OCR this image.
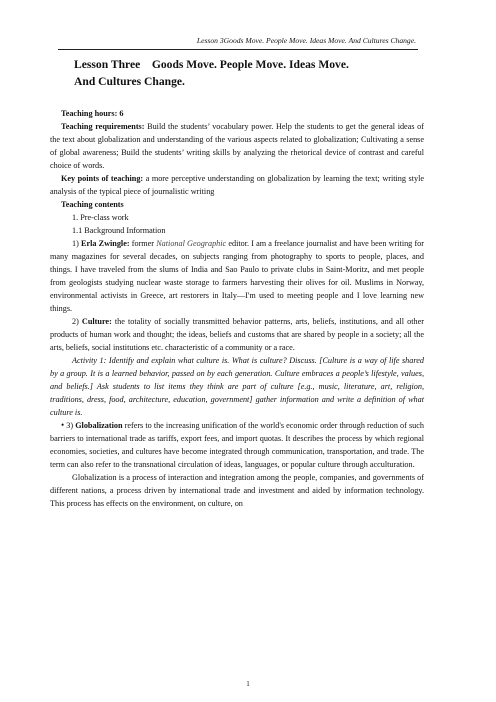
Lesson 3Goods Move. People Move. Ideas Move. And Cultures Change.
Lesson Three    Goods Move. People Move. Ideas Move.
And Cultures Change.

Teaching hours: 6

Teaching requirements: Build the students’ vocabulary power. Help the students to get the general ideas of the text about globalization and understanding of the various aspects related to globalization; Cultivating a sense of global awareness; Build the students’ writing skills by analyzing the rhetorical device of contrast and careful choice of words.

Key points of teaching: a more perceptive understanding on globalization by learning the text; writing style analysis of the typical piece of journalistic writing

Teaching contents

1. Pre-class work

1.1 Background Information

1) Erla Zwingle: former National Geographic editor. I am a freelance journalist and have been writing for many magazines for several decades, on subjects ranging from photography to sports to people, places, and things. I have traveled from the slums of India and Sao Paulo to private clubs in Saint-Moritz, and met people from geologists studying nuclear waste storage to farmers harvesting their olives for oil. Muslims in Norway, environmental activists in Greece, art restorers in Italy—I'm used to meeting people and I love learning new things.

2) Culture: the totality of socially transmitted behavior patterns, arts, beliefs, institutions, and all other products of human work and thought; the ideas, beliefs and customs that are shared by people in a society; all the arts, beliefs, social institutions etc. characteristic of a community or a race.

Activity 1: Identify and explain what culture is. What is culture? Discuss. [Culture is a way of life shared by a group. It is a learned behavior, passed on by each generation. Culture embraces a people’s lifestyle, values, and beliefs.] Ask students to list items they think are part of culture [e.g., music, literature, art, religion, traditions, dress, food, architecture, education, government] gather information and write a definition of what culture is.

• 3) Globalization refers to the increasing unification of the world's economic order through reduction of such barriers to international trade as tariffs, export fees, and import quotas. It describes the process by which regional economies, societies, and cultures have become integrated through communication, transportation, and trade. The term can also refer to the transnational circulation of ideas, languages, or popular culture through acculturation.

Globalization is a process of interaction and integration among the people, companies, and governments of different nations, a process driven by international trade and investment and aided by information technology. This process has effects on the environment, on culture, on

1
